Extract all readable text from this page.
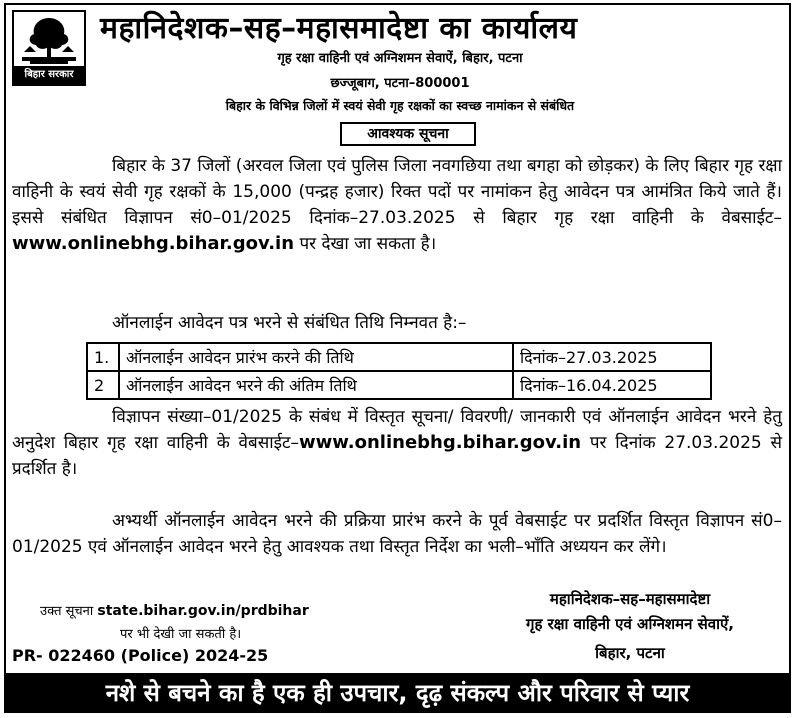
बिहार सरकार
महानिदेशक–सह–महासमादेष्टा का कार्यालय
गृह रक्षा वाहिनी एवं अग्निशमन सेवाऐं, बिहार, पटना
छज्जूबाग, पटना–800001
बिहार के विभिन्न जिलों में स्वयं सेवी गृह रक्षकों का स्वच्छ नामांकन से संबंधित
आवश्यक सूचना
बिहार के 37 जिलों (अरवल जिला एवं पुलिस जिला नवगछिया तथा बगहा को छोड़कर) के लिए बिहार गृह रक्षा वाहिनी के स्वयं सेवी गृह रक्षकों के 15,000 (पन्द्रह हजार) रिक्त पदों पर नामांकन हेतु आवेदन पत्र आमंत्रित किये जाते हैं। इससे संबंधित विज्ञापन सं0–01/2025 दिनांक–27.03.2025 से बिहार गृह रक्षा वाहिनी के वेबसाईट–www.onlinebhg.bihar.gov.in पर देखा जा सकता है।
ऑनलाईन आवेदन पत्र भरने से संबंधित तिथि निम्नवत है:–
1.	ऑनलाईन आवेदन प्रारंभ करने की तिथि	दिनांक–27.03.2025
2	ऑनलाईन आवेदन भरने की अंतिम तिथि	दिनांक–16.04.2025
विज्ञापन संख्या–01/2025 के संबंध में विस्तृत सूचना/ विवरणी/ जानकारी एवं ऑनलाईन आवेदन भरने हेतु अनुदेश बिहार गृह रक्षा वाहिनी के वेबसाईट–www.onlinebhg.bihar.gov.in पर दिनांक 27.03.2025 से प्रदर्शित है।
अभ्यर्थी ऑनलाईन आवेदन भरने की प्रक्रिया प्रारंभ करने के पूर्व वेबसाईट पर प्रदर्शित विस्तृत विज्ञापन सं0–01/2025 एवं ऑनलाईन आवेदन भरने हेतु आवश्यक तथा विस्तृत निर्देश का भली–भाँति अध्ययन कर लेंगे।
उक्त सूचना state.bihar.gov.in/prdbihar
पर भी देखी जा सकती है।
PR- 022460 (Police) 2024-25
महानिदेशक–सह–महासमादेष्टा
गृह रक्षा वाहिनी एवं अग्निशमन सेवाऐं,
बिहार, पटना
नशे से बचने का है एक ही उपचार, दृढ़ संकल्प और परिवार से प्यार
